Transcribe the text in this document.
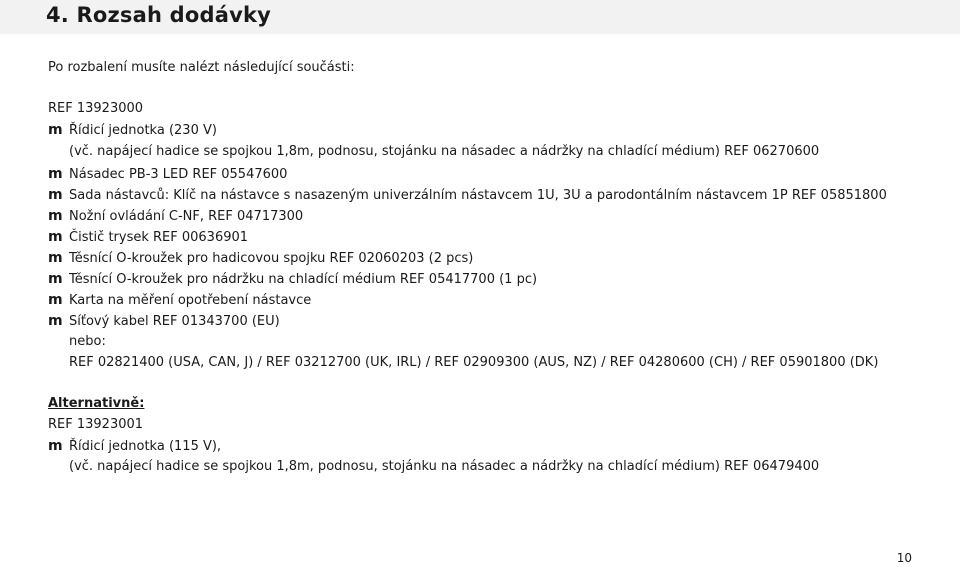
4. Rozsah dodávky
Po rozbalení musíte nalézt následující součásti:
REF 13923000
m Řídicí jednotka (230 V)
(vč. napájecí hadice se spojkou 1,8m, podnosu, stojánku na násadec a nádržky na chladící médium) REF 06270600
m Násadec PB-3 LED REF 05547600
m Sada nástavců: Klíč na nástavce s nasazeným univerzálním nástavcem 1U, 3U a parodontálním nástavcem 1P REF 05851800
m Nožní ovládání C-NF, REF 04717300
m Čistič trysek REF 00636901
m Těsnící O-kroužek pro hadicovou spojku REF 02060203 (2 pcs)
m Těsnící O-kroužek pro nádržku na chladící médium REF 05417700 (1 pc)
m Karta na měření opotřebení nástavce
m Síťový kabel REF 01343700 (EU)
nebo:
REF 02821400 (USA, CAN, J) / REF 03212700 (UK, IRL) / REF 02909300 (AUS, NZ) / REF 04280600 (CH) / REF 05901800 (DK)
Alternativně:
REF 13923001
m Řídicí jednotka (115 V),
(vč. napájecí hadice se spojkou 1,8m, podnosu, stojánku na násadec a nádržky na chladící médium) REF 06479400
10
